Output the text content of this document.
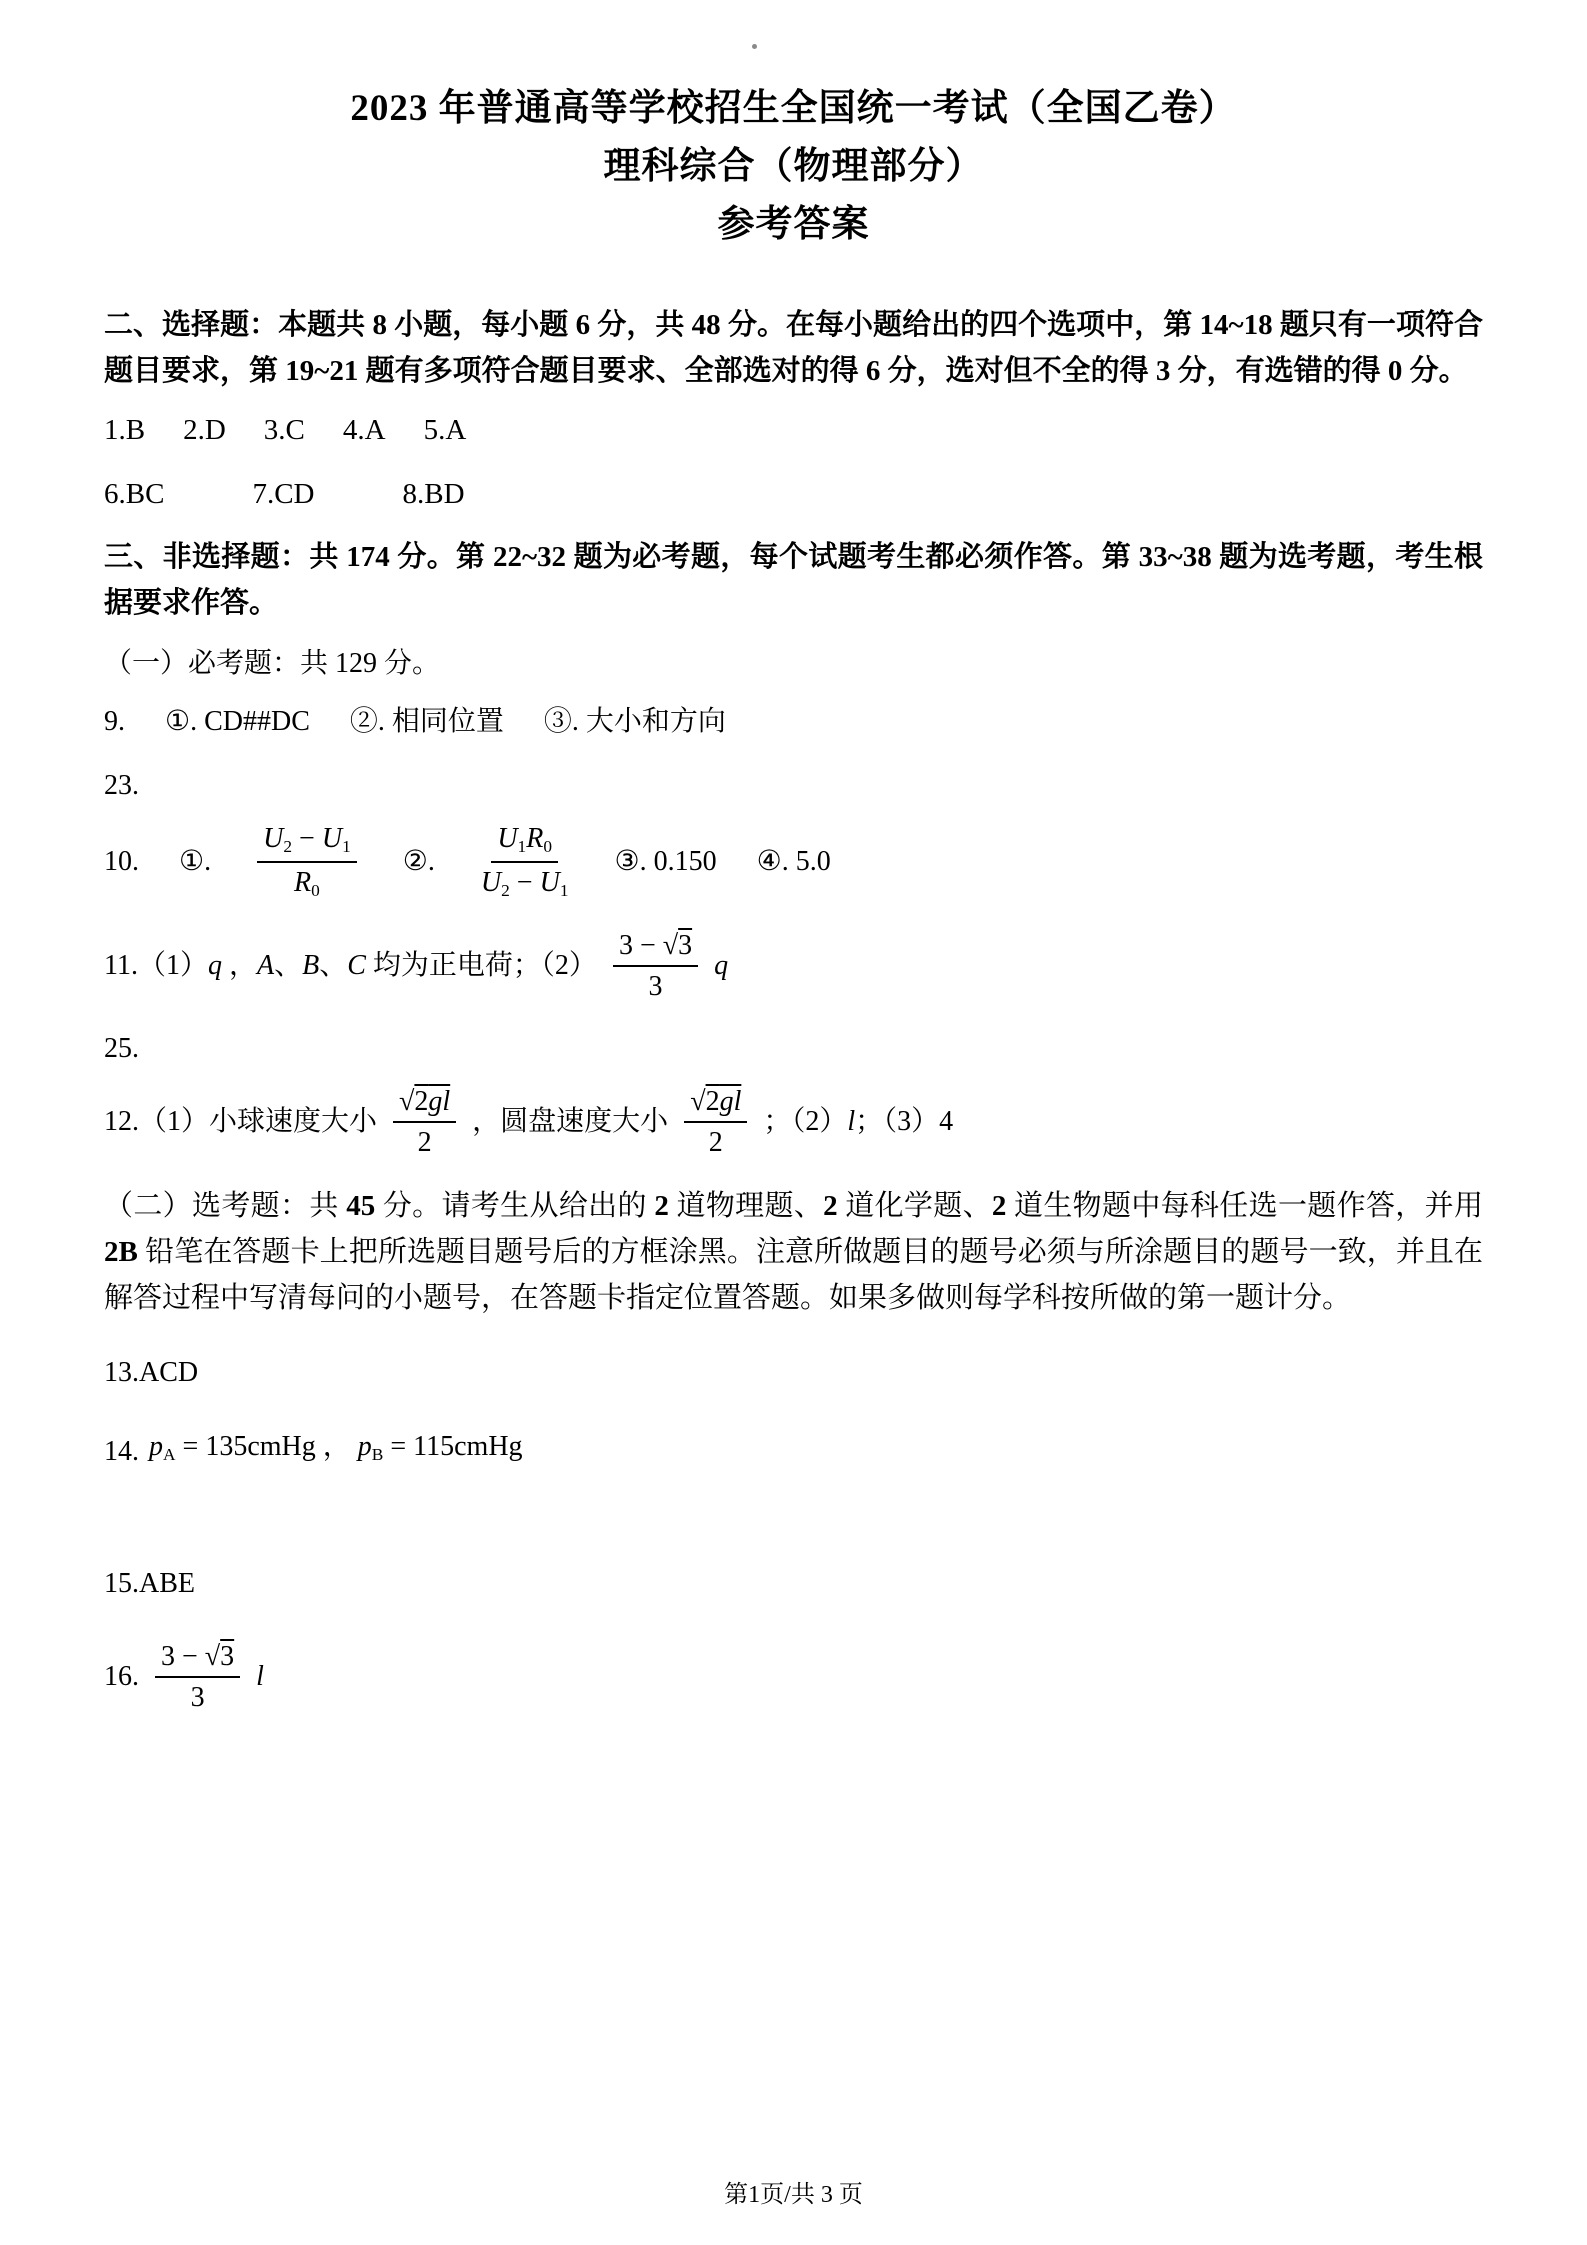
2023 年普通高等学校招生全国统一考试（全国乙卷）
理科综合（物理部分）
参考答案

二、选择题：本题共 8 小题，每小题 6 分，共 48 分。在每小题给出的四个选项中，第 14~18 题只有一项符合题目要求，第 19~21 题有多项符合题目要求、全部选对的得 6 分，选对但不全的得 3 分，有选错的得 0 分。

1.B 2.D 3.C 4.A 5.A
6.BC	7.CD	8.BD

三、非选择题：共 174 分。第 22~32 题为必考题，每个试题考生都必须作答。第 33~38 题为选考题，考生根据要求作答。

（一）必考题：共 129 分。
9. ①. CD##DC ②. 相同位置 ③. 大小和方向
23.
10. ①. $\frac{U2 - U1}{R0}$ ②. $\frac{U1R0}{U2 - U1}$ ③. 0.150 ④. 5.0
11.（1）q ，A、B、C 均为正电荷；$(2) \frac{3 - √3}{3}$ q
25.
12.（1）小球速度大小 $\frac{√2\overline{gl}}{2}$ ，圆盘速度大小 $\frac{√2\overline{gl}}{2}$ ；（2）l；（3）4

（二）选考题：共 45 分。请考生从给出的 2 道物理题、2 道化学题、2 道生物题中每科任选一题作答，并用 2B 铅笔在答题卡上把所选题目题号后的方框涂黑。注意所做题目的题号必须与所涂题目的题号一致，并且在解答过程中写清每问的小题号，在答题卡指定位置答题。如果多做则每学科按所做的第一题计分。

13.ACD
14. pA = 135cmHg ， pB = 115cmHg
15.ABE
16. $\frac{3 - √3}{3}$ l
第1页/共 3 页
